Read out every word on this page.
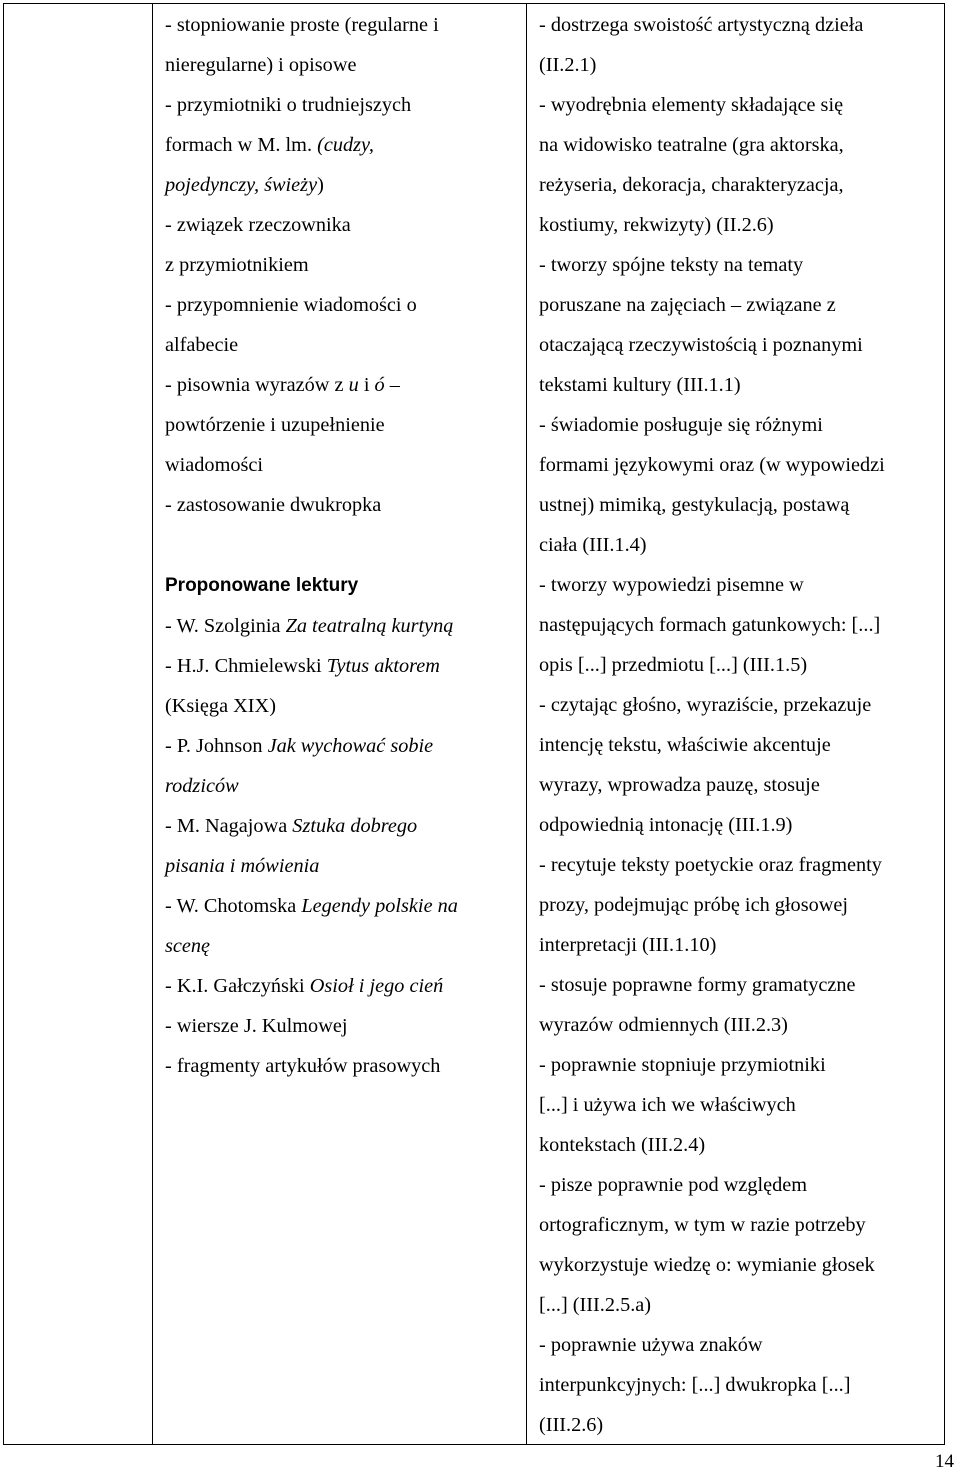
- stopniowanie proste (regularne i

nieregularne) i opisowe

- przymiotniki o trudniejszych

formach w M. lm. (cudzy,

pojedynczy, świeży)

- związek rzeczownika

z przymiotnikiem

- przypomnienie wiadomości o

alfabecie

- pisownia wyrazów z u i ó –

powtórzenie i uzupełnienie

wiadomości

- zastosowanie dwukropka

Proponowane lektury

- W. Szolginia Za teatralną kurtyną

- H.J. Chmielewski Tytus aktorem

(Księga XIX)

- P. Johnson Jak wychować sobie

rodziców

- M. Nagajowa Sztuka dobrego

pisania i mówienia

- W. Chotomska Legendy polskie na

scenę

- K.I. Gałczyński Osioł i jego cień

- wiersze J. Kulmowej

- fragmenty artykułów prasowych

- dostrzega swoistość artystyczną dzieła

(II.2.1)

- wyodrębnia elementy składające się

na widowisko teatralne (gra aktorska,

reżyseria, dekoracja, charakteryzacja,

kostiumy, rekwizyty) (II.2.6)

- tworzy spójne teksty na tematy

poruszane na zajęciach – związane z

otaczającą rzeczywistością i poznanymi

tekstami kultury (III.1.1)

- świadomie posługuje się różnymi

formami językowymi oraz (w wypowiedzi

ustnej) mimiką, gestykulacją, postawą

ciała (III.1.4)

- tworzy wypowiedzi pisemne w

następujących formach gatunkowych: [...]

opis [...] przedmiotu [...] (III.1.5)

- czytając głośno, wyraziście, przekazuje

intencję tekstu, właściwie akcentuje

wyrazy, wprowadza pauzę, stosuje

odpowiednią intonację (III.1.9)

- recytuje teksty poetyckie oraz fragmenty

prozy, podejmując próbę ich głosowej

interpretacji (III.1.10)

- stosuje poprawne formy gramatyczne

wyrazów odmiennych (III.2.3)

- poprawnie stopniuje przymiotniki

[...] i używa ich we właściwych

kontekstach (III.2.4)

- pisze poprawnie pod względem

ortograficznym, w tym w razie potrzeby

wykorzystuje wiedzę o: wymianie głosek

[...] (III.2.5.a)

- poprawnie używa znaków

interpunkcyjnych: [...] dwukropka [...]

(III.2.6)

14
